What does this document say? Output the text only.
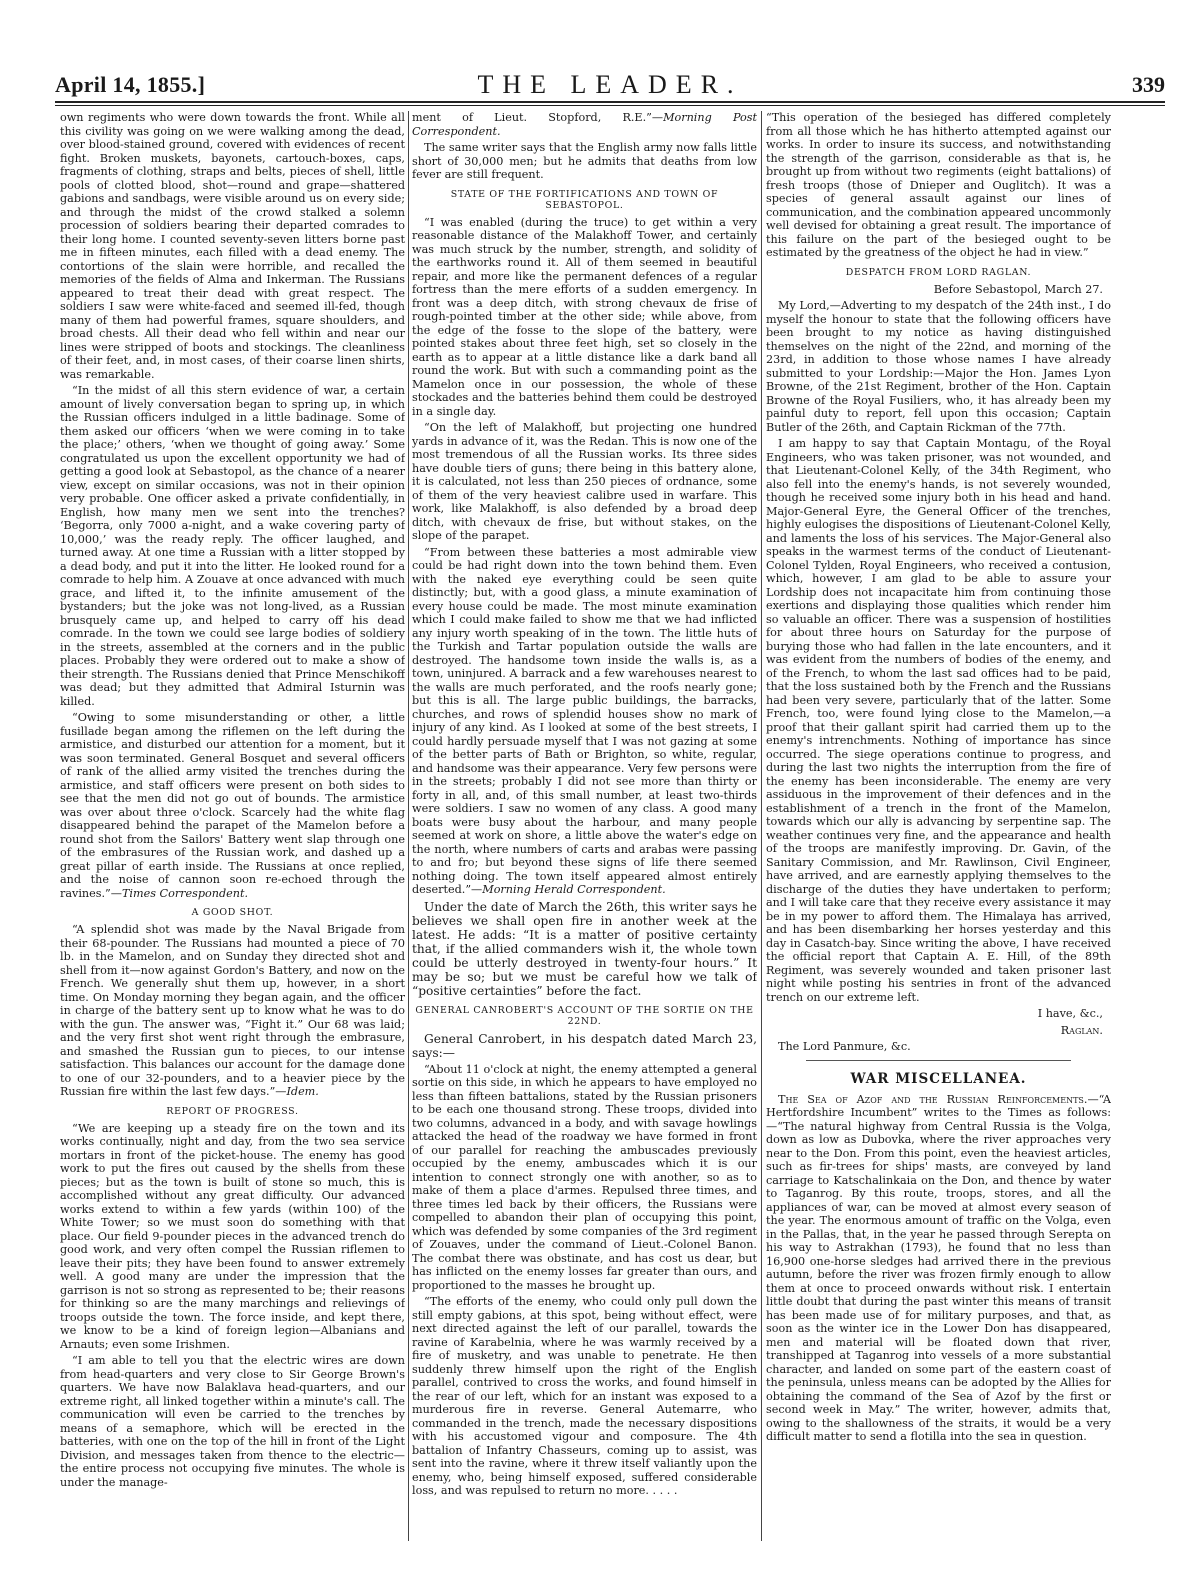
April 14, 1855.]	THE LEADER.	339

own regiments who were down towards the front. While all this civility was going on we were walking among the dead, over blood-stained ground, covered with evidences of recent fight. Broken muskets, bayonets, cartouch-boxes, caps, fragments of clothing, straps and belts, pieces of shell, little pools of clotted blood, shot—round and grape—shattered gabions and sandbags, were visible around us on every side; and through the midst of the crowd stalked a solemn procession of soldiers bearing their departed comrades to their long home. I counted seventy-seven litters borne past me in fifteen minutes, each filled with a dead enemy. The contortions of the slain were horrible, and recalled the memories of the fields of Alma and Inkerman. The Russians appeared to treat their dead with great respect. The soldiers I saw were white-faced and seemed ill-fed, though many of them had powerful frames, square shoulders, and broad chests. All their dead who fell within and near our lines were stripped of boots and stockings. The cleanliness of their feet, and, in most cases, of their coarse linen shirts, was remarkable.

“In the midst of all this stern evidence of war, a certain amount of lively conversation began to spring up, in which the Russian officers indulged in a little badinage. Some of them asked our officers ‘when we were coming in to take the place;’ others, ‘when we thought of going away.’ Some congratulated us upon the excellent opportunity we had of getting a good look at Sebastopol, as the chance of a nearer view, except on similar occasions, was not in their opinion very probable. One officer asked a private confidentially, in English, how many men we sent into the trenches? ‘Begorra, only 7000 a-night, and a wake covering party of 10,000,’ was the ready reply. The officer laughed, and turned away. At one time a Russian with a litter stopped by a dead body, and put it into the litter. He looked round for a comrade to help him. A Zouave at once advanced with much grace, and lifted it, to the infinite amusement of the bystanders; but the joke was not long-lived, as a Russian brusquely came up, and helped to carry off his dead comrade. In the town we could see large bodies of soldiery in the streets, assembled at the corners and in the public places. Probably they were ordered out to make a show of their strength. The Russians denied that Prince Menschikoff was dead; but they admitted that Admiral Isturnin was killed.

“Owing to some misunderstanding or other, a little fusillade began among the riflemen on the left during the armistice, and disturbed our attention for a moment, but it was soon terminated. General Bosquet and several officers of rank of the allied army visited the trenches during the armistice, and staff officers were present on both sides to see that the men did not go out of bounds. The armistice was over about three o'clock. Scarcely had the white flag disappeared behind the parapet of the Mamelon before a round shot from the Sailors' Battery went slap through one of the embrasures of the Russian work, and dashed up a great pillar of earth inside. The Russians at once replied, and the noise of cannon soon re-echoed through the ravines.”—Times Correspondent.

A GOOD SHOT.

“A splendid shot was made by the Naval Brigade from their 68-pounder. The Russians had mounted a piece of 70 lb. in the Mamelon, and on Sunday they directed shot and shell from it—now against Gordon's Battery, and now on the French. We generally shut them up, however, in a short time. On Monday morning they began again, and the officer in charge of the battery sent up to know what he was to do with the gun. The answer was, “Fight it.” Our 68 was laid; and the very first shot went right through the embrasure, and smashed the Russian gun to pieces, to our intense satisfaction. This balances our account for the damage done to one of our 32-pounders, and to a heavier piece by the Russian fire within the last few days.”—Idem.

REPORT OF PROGRESS.

“We are keeping up a steady fire on the town and its works continually, night and day, from the two sea service mortars in front of the picket-house. The enemy has good work to put the fires out caused by the shells from these pieces; but as the town is built of stone so much, this is accomplished without any great difficulty. Our advanced works extend to within a few yards (within 100) of the White Tower; so we must soon do something with that place. Our field 9-pounder pieces in the advanced trench do good work, and very often compel the Russian riflemen to leave their pits; they have been found to answer extremely well. A good many are under the impression that the garrison is not so strong as represented to be; their reasons for thinking so are the many marchings and relievings of troops outside the town. The force inside, and kept there, we know to be a kind of foreign legion—Albanians and Arnauts; even some Irishmen.

“I am able to tell you that the electric wires are down from head-quarters and very close to Sir George Brown's quarters. We have now Balaklava head-quarters, and our extreme right, all linked together within a minute's call. The communication will even be carried to the trenches by means of a semaphore, which will be erected in the batteries, with one on the top of the hill in front of the Light Division, and messages taken from thence to the electric—the entire process not occupying five minutes. The whole is under the manage-

ment of Lieut. Stopford, R.E.”—Morning Post Correspondent.

The same writer says that the English army now falls little short of 30,000 men; but he admits that deaths from low fever are still frequent.

STATE OF THE FORTIFICATIONS AND TOWN OF SEBASTOPOL.

“I was enabled (during the truce) to get within a very reasonable distance of the Malakhoff Tower, and certainly was much struck by the number, strength, and solidity of the earthworks round it. All of them seemed in beautiful repair, and more like the permanent defences of a regular fortress than the mere efforts of a sudden emergency. In front was a deep ditch, with strong chevaux de frise of rough-pointed timber at the other side; while above, from the edge of the fosse to the slope of the battery, were pointed stakes about three feet high, set so closely in the earth as to appear at a little distance like a dark band all round the work. But with such a commanding point as the Mamelon once in our possession, the whole of these stockades and the batteries behind them could be destroyed in a single day.

“On the left of Malakhoff, but projecting one hundred yards in advance of it, was the Redan. This is now one of the most tremendous of all the Russian works. Its three sides have double tiers of guns; there being in this battery alone, it is calculated, not less than 250 pieces of ordnance, some of them of the very heaviest calibre used in warfare. This work, like Malakhoff, is also defended by a broad deep ditch, with chevaux de frise, but without stakes, on the slope of the parapet.

“From between these batteries a most admirable view could be had right down into the town behind them. Even with the naked eye everything could be seen quite distinctly; but, with a good glass, a minute examination of every house could be made. The most minute examination which I could make failed to show me that we had inflicted any injury worth speaking of in the town. The little huts of the Turkish and Tartar population outside the walls are destroyed. The handsome town inside the walls is, as a town, uninjured. A barrack and a few warehouses nearest to the walls are much perforated, and the roofs nearly gone; but this is all. The large public buildings, the barracks, churches, and rows of splendid houses show no mark of injury of any kind. As I looked at some of the best streets, I could hardly persuade myself that I was not gazing at some of the better parts of Bath or Brighton, so white, regular, and handsome was their appearance. Very few persons were in the streets; probably I did not see more than thirty or forty in all, and, of this small number, at least two-thirds were soldiers. I saw no women of any class. A good many boats were busy about the harbour, and many people seemed at work on shore, a little above the water's edge on the north, where numbers of carts and arabas were passing to and fro; but beyond these signs of life there seemed nothing doing. The town itself appeared almost entirely deserted.”—Morning Herald Correspondent.

Under the date of March the 26th, this writer says he believes we shall open fire in another week at the latest. He adds: “It is a matter of positive certainty that, if the allied commanders wish it, the whole town could be utterly destroyed in twenty-four hours.” It may be so; but we must be careful how we talk of “positive certainties” before the fact.

GENERAL CANROBERT'S ACCOUNT OF THE SORTIE ON THE 22ND.

General Canrobert, in his despatch dated March 23, says:—

“About 11 o'clock at night, the enemy attempted a general sortie on this side, in which he appears to have employed no less than fifteen battalions, stated by the Russian prisoners to be each one thousand strong. These troops, divided into two columns, advanced in a body, and with savage howlings attacked the head of the roadway we have formed in front of our parallel for reaching the ambuscades previously occupied by the enemy, ambuscades which it is our intention to connect strongly one with another, so as to make of them a place d'armes. Repulsed three times, and three times led back by their officers, the Russians were compelled to abandon their plan of occupying this point, which was defended by some companies of the 3rd regiment of Zouaves, under the command of Lieut.-Colonel Banon. The combat there was obstinate, and has cost us dear, but has inflicted on the enemy losses far greater than ours, and proportioned to the masses he brought up.

“The efforts of the enemy, who could only pull down the still empty gabions, at this spot, being without effect, were next directed against the left of our parallel, towards the ravine of Karabelnia, where he was warmly received by a fire of musketry, and was unable to penetrate. He then suddenly threw himself upon the right of the English parallel, contrived to cross the works, and found himself in the rear of our left, which for an instant was exposed to a murderous fire in reverse. General Autemarre, who commanded in the trench, made the necessary dispositions with his accustomed vigour and composure. The 4th battalion of Infantry Chasseurs, coming up to assist, was sent into the ravine, where it threw itself valiantly upon the enemy, who, being himself exposed, suffered considerable loss, and was repulsed to return no more. . . . .

“This operation of the besieged has differed completely from all those which he has hitherto attempted against our works. In order to insure its success, and notwithstanding the strength of the garrison, considerable as that is, he brought up from without two regiments (eight battalions) of fresh troops (those of Dnieper and Ouglitch). It was a species of general assault against our lines of communication, and the combination appeared uncommonly well devised for obtaining a great result. The importance of this failure on the part of the besieged ought to be estimated by the greatness of the object he had in view.”

DESPATCH FROM LORD RAGLAN.

Before Sebastopol, March 27.

My Lord,—Adverting to my despatch of the 24th inst., I do myself the honour to state that the following officers have been brought to my notice as having distinguished themselves on the night of the 22nd, and morning of the 23rd, in addition to those whose names I have already submitted to your Lordship:—Major the Hon. James Lyon Browne, of the 21st Regiment, brother of the Hon. Captain Browne of the Royal Fusiliers, who, it has already been my painful duty to report, fell upon this occasion; Captain Butler of the 26th, and Captain Rickman of the 77th.

I am happy to say that Captain Montagu, of the Royal Engineers, who was taken prisoner, was not wounded, and that Lieutenant-Colonel Kelly, of the 34th Regiment, who also fell into the enemy's hands, is not severely wounded, though he received some injury both in his head and hand. Major-General Eyre, the General Officer of the trenches, highly eulogises the dispositions of Lieutenant-Colonel Kelly, and laments the loss of his services. The Major-General also speaks in the warmest terms of the conduct of Lieutenant-Colonel Tylden, Royal Engineers, who received a contusion, which, however, I am glad to be able to assure your Lordship does not incapacitate him from continuing those exertions and displaying those qualities which render him so valuable an officer. There was a suspension of hostilities for about three hours on Saturday for the purpose of burying those who had fallen in the late encounters, and it was evident from the numbers of bodies of the enemy, and of the French, to whom the last sad offices had to be paid, that the loss sustained both by the French and the Russians had been very severe, particularly that of the latter. Some French, too, were found lying close to the Mamelon,—a proof that their gallant spirit had carried them up to the enemy's intrenchments. Nothing of importance has since occurred. The siege operations continue to progress, and during the last two nights the interruption from the fire of the enemy has been inconsiderable. The enemy are very assiduous in the improvement of their defences and in the establishment of a trench in the front of the Mamelon, towards which our ally is advancing by serpentine sap. The weather continues very fine, and the appearance and health of the troops are manifestly improving. Dr. Gavin, of the Sanitary Commission, and Mr. Rawlinson, Civil Engineer, have arrived, and are earnestly applying themselves to the discharge of the duties they have undertaken to perform; and I will take care that they receive every assistance it may be in my power to afford them. The Himalaya has arrived, and has been disembarking her horses yesterday and this day in Casatch-bay. Since writing the above, I have received the official report that Captain A. E. Hill, of the 89th Regiment, was severely wounded and taken prisoner last night while posting his sentries in front of the advanced trench on our extreme left.

I have, &c.,

Raglan.

The Lord Panmure, &c.

WAR MISCELLANEA.

The Sea of Azof and the Russian Reinforcements.—“A Hertfordshire Incumbent” writes to the Times as follows:—“The natural highway from Central Russia is the Volga, down as low as Dubovka, where the river approaches very near to the Don. From this point, even the heaviest articles, such as fir-trees for ships' masts, are conveyed by land carriage to Katschalinkaia on the Don, and thence by water to Taganrog. By this route, troops, stores, and all the appliances of war, can be moved at almost every season of the year. The enormous amount of traffic on the Volga, even in the Pallas, that, in the year he passed through Serepta on his way to Astrakhan (1793), he found that no less than 16,900 one-horse sledges had arrived there in the previous autumn, before the river was frozen firmly enough to allow them at once to proceed onwards without risk. I entertain little doubt that during the past winter this means of transit has been made use of for military purposes, and that, as soon as the winter ice in the Lower Don has disappeared, men and material will be floated down that river, transhipped at Taganrog into vessels of a more substantial character, and landed on some part of the eastern coast of the peninsula, unless means can be adopted by the Allies for obtaining the command of the Sea of Azof by the first or second week in May.” The writer, however, admits that, owing to the shallowness of the straits, it would be a very difficult matter to send a flotilla into the sea in question.
